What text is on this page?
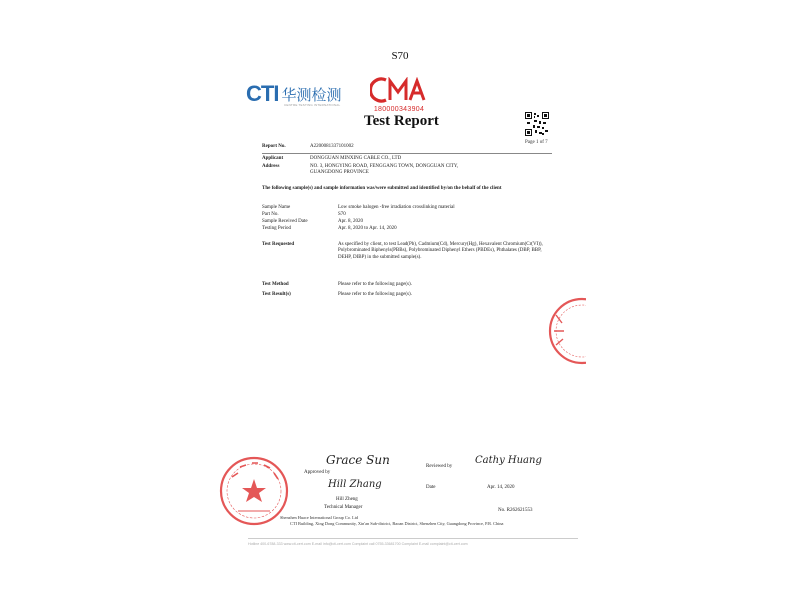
S70
CTI 华测检测
CENTRE TESTING INTERNATIONAL
180000343904
Test Report
Page 1 of 7
Report No.	A2200081337101002
Applicant	DONGGUAN MINXING CABLE CO., LTD
Address	NO. 3, HONGYING ROAD, FENGGANG TOWN, DONGGUAN CITY, GUANGDONG PROVINCE
The following sample(s) and sample information was/were submitted and identified by/on the behalf of the client
Sample Name	Low smoke halogen -free irradiation crosslinking material
Part No.	S70
Sample Received Date	Apr. 8, 2020
Testing Period	Apr. 8, 2020 to Apr. 14, 2020
Test Requested	As specified by client, to test Lead(Pb), Cadmium(Cd), Mercury(Hg), Hexavalent Chromium(Cr(VI)), Polybrominated Biphenyls(PBBs), Polybrominated Diphenyl Ethers (PBDEs), Phthalates (DBP, BBP, DEHP, DIBP) in the submitted sample(s).
Test Method	Please refer to the following page(s).
Test Result(s)	Please refer to the following page(s).
Grace Sun
Approved by
Reviewed by
Cathy Huang
Hill Zhang
Hill Zheng
Technical Manager
Date	Apr. 14, 2020
Shenzhen Huace International Group Co. Ltd
CTI Building, Xing Dong Community, Xin'an Sub-district, Baoan District, Shenzhen City, Guangdong Province, P.R. China
No. R262621553
Hotline 400-6788-333 www.cti-cert.com E-mail info@cti-cert.com Complaint call 0755-33681700 Complaint E-mail complaint@cti-cert.com
